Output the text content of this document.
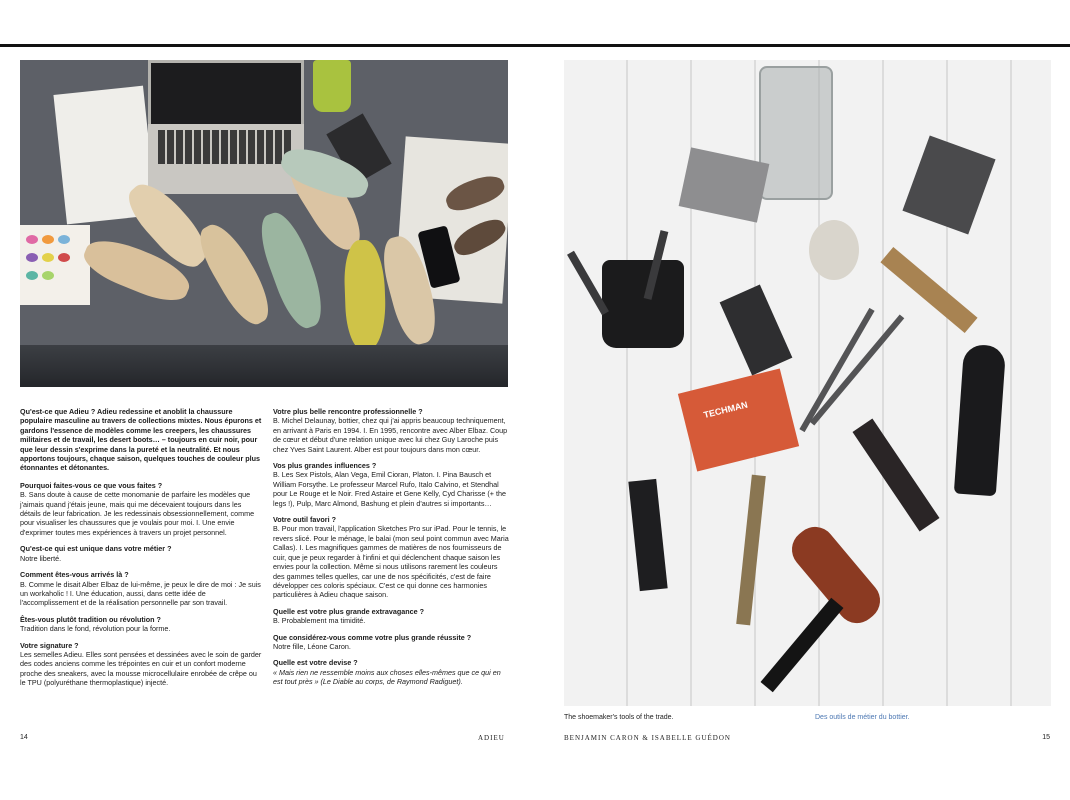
TECHMAN

Qu'est-ce que Adieu ? Adieu redessine et anoblit la chaussure populaire masculine au travers de collections mixtes. Nous épurons et gardons l'essence de modèles comme les creepers, les chaussures militaires et de travail, les desert boots… – toujours en cuir noir, pour que leur dessin s'exprime dans la pureté et la neutralité. Et nous apportons toujours, chaque saison, quelques touches de couleur plus étonnantes et détonantes.

Pourquoi faites-vous ce que vous faites ?
B. Sans doute à cause de cette monomanie de parfaire les modèles que j'aimais quand j'étais jeune, mais qui me décevaient toujours dans les détails de leur fabrication. Je les redessinais obsessionnellement, comme pour visualiser les chaussures que je voulais pour moi. I. Une envie d'exprimer toutes mes expériences à travers un projet personnel.
Qu'est-ce qui est unique dans votre métier ?
Notre liberté.
Comment êtes-vous arrivés là ?
B. Comme le disait Alber Elbaz de lui-même, je peux le dire de moi : Je suis un workaholic ! I. Une éducation, aussi, dans cette idée de l'accomplissement et de la réalisation personnelle par son travail.
Êtes-vous plutôt tradition ou révolution ?
Tradition dans le fond, révolution pour la forme.
Votre signature ?
Les semelles Adieu. Elles sont pensées et dessinées avec le soin de garder des codes anciens comme les trépointes en cuir et un confort moderne proche des sneakers, avec la mousse microcellulaire enrobée de crêpe ou le TPU (polyuréthane thermoplastique) injecté.
Votre plus belle rencontre professionnelle ?
B. Michel Delaunay, bottier, chez qui j'ai appris beaucoup techniquement, en arrivant à Paris en 1994. I. En 1995, rencontre avec Alber Elbaz. Coup de cœur et début d'une relation unique avec lui chez Guy Laroche puis chez Yves Saint Laurent. Alber est pour toujours dans mon cœur.
Vos plus grandes influences ?
B. Les Sex Pistols, Alan Vega, Emil Cioran, Platon. I. Pina Bausch et William Forsythe. Le professeur Marcel Rufo, Italo Calvino, et Stendhal pour Le Rouge et le Noir. Fred Astaire et Gene Kelly, Cyd Charisse (+ the legs !), Pulp, Marc Almond, Bashung et plein d'autres si importants…
Votre outil favori ?
B. Pour mon travail, l'application Sketches Pro sur iPad. Pour le tennis, le revers slicé. Pour le ménage, le balai (mon seul point commun avec Maria Callas). I. Les magnifiques gammes de matières de nos fournisseurs de cuir, que je peux regarder à l'infini et qui déclenchent chaque saison les envies pour la collection. Même si nous utilisons rarement les couleurs des gammes telles quelles, car une de nos spécificités, c'est de faire développer ces coloris spéciaux. C'est ce qui donne ces harmonies particulières à Adieu chaque saison.
Quelle est votre plus grande extravagance ?
B. Probablement ma timidité.
Que considérez-vous comme votre plus grande réussite ?
Notre fille, Léone Caron.
Quelle est votre devise ?
« Mais rien ne ressemble moins aux choses elles-mêmes que ce qui en est tout près » (Le Diable au corps, de Raymond Radiguet).
The shoemaker's tools of the trade.	Des outils de métier du bottier.
14	ADIEU	BENJAMIN CARON & ISABELLE GUÉDON	15
